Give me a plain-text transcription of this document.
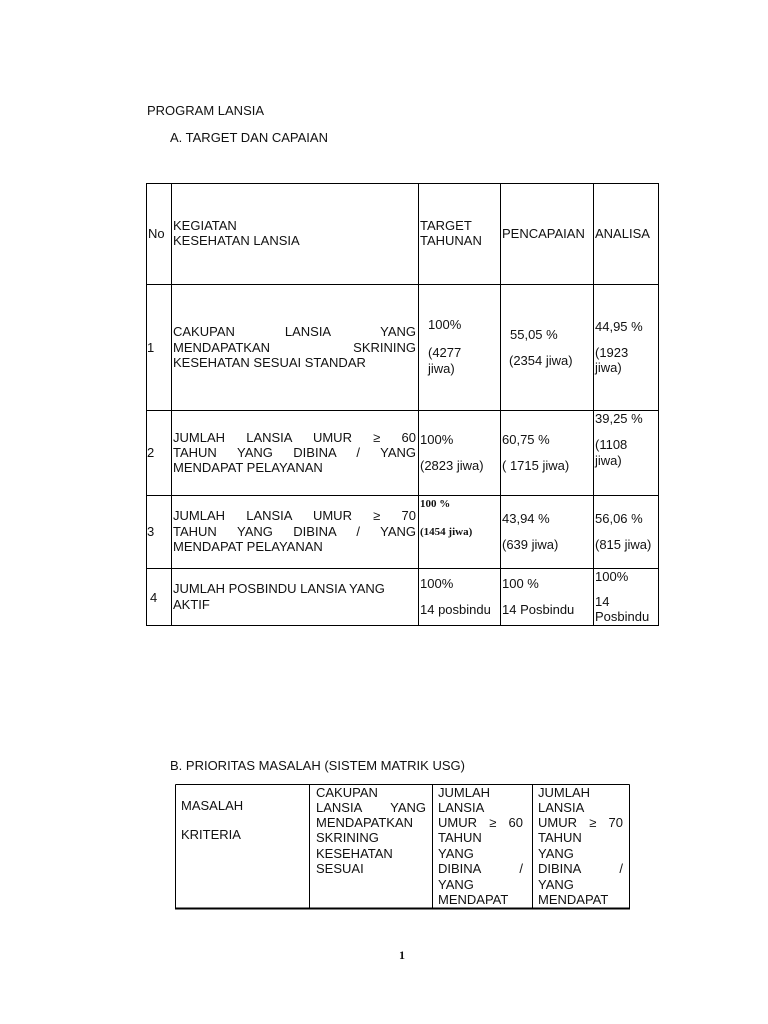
PROGRAM LANSIA
A. TARGET DAN CAPAIAN
No
KEGIATAN
KESEHATAN LANSIA
TARGET
TAHUNAN PENCAPAIAN ANALISA
1
CAKUPAN LANSIA YANG
MENDAPATKAN SKRINING
KESEHATAN SESUAI STANDAR
100%
(4277
jiwa)
55,05 %
(2354 jiwa)
44,95 %
(1923
jiwa)
2
JUMLAH LANSIA UMUR ≥ 60
TAHUN YANG DIBINA / YANG
MENDAPAT PELAYANAN
100%
(2823 jiwa)
60,75 %
( 1715 jiwa)
39,25 %
(1108
jiwa)
3
JUMLAH LANSIA UMUR ≥ 70
TAHUN YANG DIBINA / YANG
MENDAPAT PELAYANAN
100 %
(1454 jiwa)
43,94 %
(639 jiwa)
56,06 %
(815 jiwa)
4
JUMLAH POSBINDU LANSIA YANG
AKTIF
100%
14 posbindu
100 %
14 Posbindu
100%
14
Posbindu
B. PRIORITAS MASALAH (SISTEM MATRIK USG)
MASALAH
KRITERIA
CAKUPAN
LANSIA YANG
MENDAPATKAN
SKRINING
KESEHATAN
SESUAI
JUMLAH
LANSIA
UMUR ≥ 60
TAHUN
YANG
DIBINA /
YANG
MENDAPAT
JUMLAH
LANSIA
UMUR ≥ 70
TAHUN
YANG
DIBINA /
YANG
MENDAPAT
1
